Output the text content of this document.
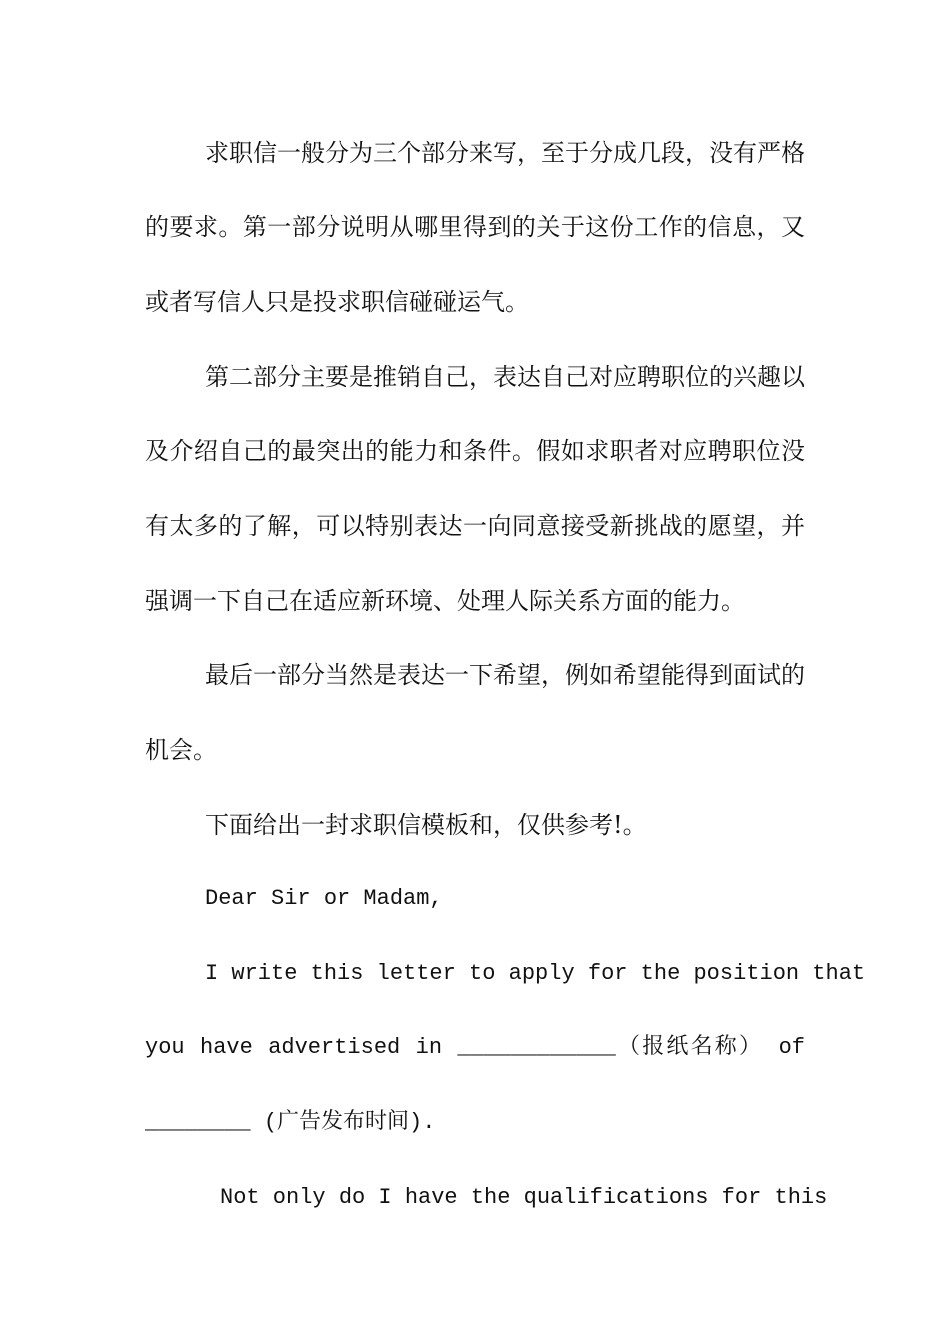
求职信一般分为三个部分来写，至于分成几段，没有严格
的要求。第一部分说明从哪里得到的关于这份工作的信息，又
或者写信人只是投求职信碰碰运气。
第二部分主要是推销自己，表达自己对应聘职位的兴趣以
及介绍自己的最突出的能力和条件。假如求职者对应聘职位没
有太多的了解，可以特别表达一向同意接受新挑战的愿望，并
强调一下自己在适应新环境、处理人际关系方面的能力。
最后一部分当然是表达一下希望，例如希望能得到面试的
机会。
下面给出一封求职信模板和，仅供参考!。
Dear Sir or Madam,
I write this letter to apply for the position that
you have advertised in ____________（报纸名称） of
________ (广告发布时间).
Not only do I have the qualifications for this
